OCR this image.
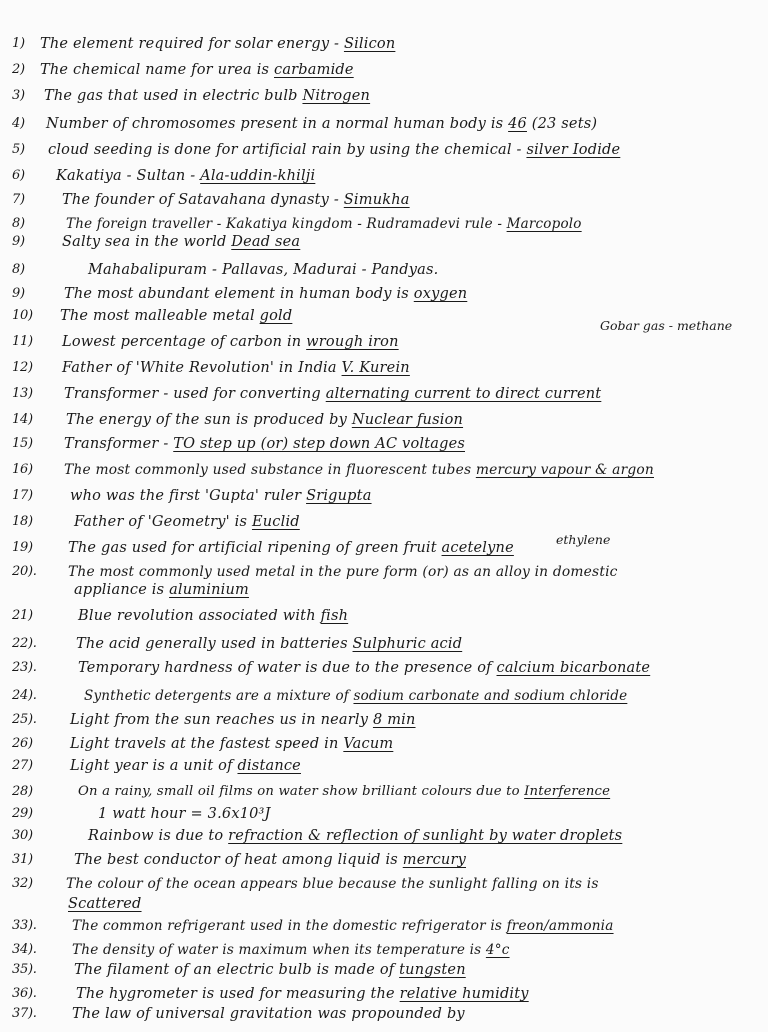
1)	The element required for solar energy - Silicon
2)	The chemical name for urea is carbamide
3)	The gas that used in electric bulb Nitrogen
4)	Number of chromosomes present in a normal human body is 46 (23 sets)
5)	cloud seeding is done for artificial rain by using the chemical - silver Iodide
6)	Kakatiya - Sultan - Ala-uddin-khilji
7)	The founder of Satavahana dynasty - Simukha
8)	The foreign traveller - Kakatiya kingdom - Rudramadevi rule - Marcopolo
9)	Salty sea in the world Dead sea
8)	Mahabalipuram - Pallavas, Madurai - Pandyas.
9)	The most abundant element in human body is oxygen
10)	The most malleable metal gold
11)	Lowest percentage of carbon in wrough iron
12)	Father of 'White Revolution' in India V. Kurein
13)	Transformer - used for converting alternating current to direct current
14)	The energy of the sun is produced by Nuclear fusion
15)	Transformer - TO step up (or) step down AC voltages
16)	The most commonly used substance in fluorescent tubes mercury vapour & argon
17)	who was the first 'Gupta' ruler Sriguptа
18)	Father of 'Geometry' is Euclid
19)	The gas used for artificial ripening of green fruit acetelyne
20).	The most commonly used metal in the pure form (or) as an alloy in domestic
appliance is aluminium
21)	Blue revolution associated with fish
22).	The acid generally used in batteries Sulphuric acid
23).	Temporary hardness of water is due to the presence of calcium bicarbonate
24).	Synthetic detergents are a mixture of sodium carbonate and sodium chloride
25).	Light from the sun reaches us in nearly 8 min
26)	Light travels at the fastest speed in Vacum
27)	Light year is a unit of distance
28)	On a rainy, small oil films on water show brilliant colours due to Interference
29)	1 watt hour = 3.6x10³J
30)	Rainbow is due to refraction & reflection of sunlight by water droplets
31)	The best conductor of heat among liquid is mercury
32)	The colour of the ocean appears blue because the sunlight falling on its is
Scattered
33).	The common refrigerant used in the domestic refrigerator is freon/ammonia
34).	The density of water is maximum when its temperature is 4°c
35).	The filament of an electric bulb is made of tungsten
36).	The hygrometer is used for measuring the relative humidity
37).	The law of universal gravitation was propounded by
Gobar gas - methane
ethylene
